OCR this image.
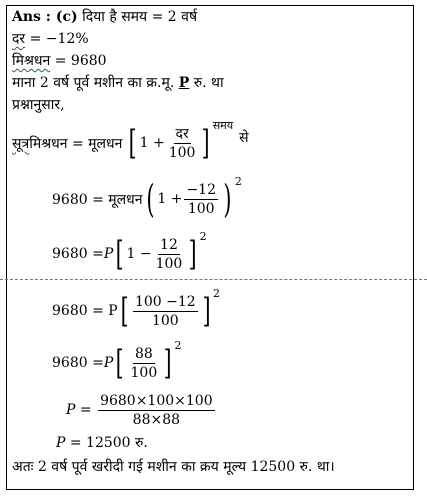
Ans : (c) दिया है समय = 2 वर्ष
दर = −12%
मिश्रधन = 9680
माना 2 वर्ष पूर्व मशीन का क्र.मू. P रु. था
प्रश्नानुसार,
सूत्र मिश्रधन = मूलधन [ $1 + \frac{\text{दर}}{100}$ ] समय
से
9680 = मूलधन ( $1 + \frac{-12}{100}$ ) 2
9680 = P [ $1 - \frac{12}{100}$ ] 2
9680 = P [ $\frac{100 -12}{100}$ ] 2
9680 = P [ $\frac{88}{100}$ ] 2
$P = \frac{9680\times 100\times 100}{88\times 88}$
P = 12500 रु.
अतः 2 वर्ष पूर्व खरीदी गई मशीन का क्रय मूल्य 12500 रु. था।
